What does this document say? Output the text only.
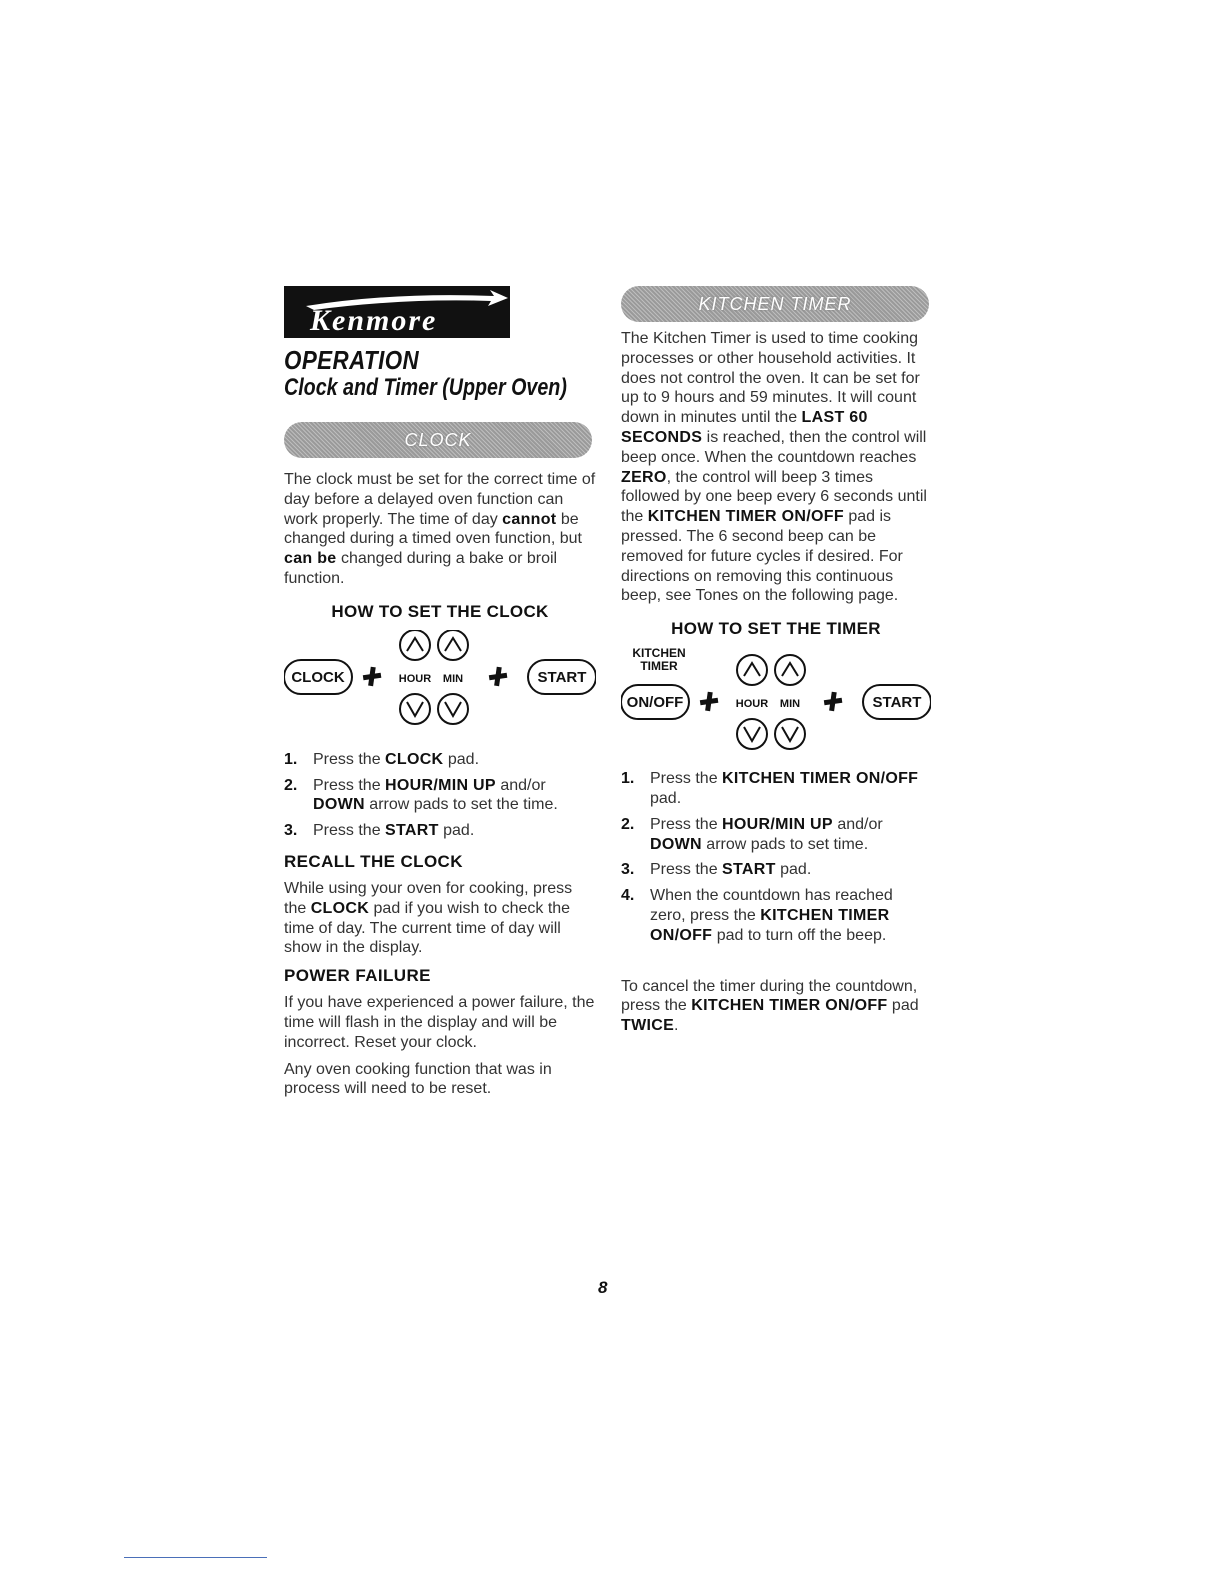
Kenmore

OPERATION

Clock and Timer (Upper Oven)

CLOCK

The clock must be set for the correct time of day before a delayed oven function can work properly. The time of day cannot be changed during a timed oven function, but can be changed during a bake or broil function.

HOW TO SET THE CLOCK

CLOCK	START
HOUR MIN
1. Press the CLOCK pad.
2. Press the HOUR/MIN UP and/or DOWN arrow pads to set the time.
3. Press the START pad.

RECALL THE CLOCK

While using your oven for cooking, press the CLOCK pad if you wish to check the time of day. The current time of day will show in the display.

POWER FAILURE

If you have experienced a power failure, the time will flash in the display and will be incorrect. Reset your clock.

Any oven cooking function that was in process will need to be reset.

KITCHEN TIMER

The Kitchen Timer is used to time cooking processes or other household activities. It does not control the oven. It can be set for up to 9 hours and 59 minutes. It will count down in minutes until the LAST 60 SECONDS is reached, then the control will beep once. When the countdown reaches ZERO, the control will beep 3 times followed by one beep every 6 seconds until the KITCHEN TIMER ON/OFF pad is pressed. The 6 second beep can be removed for future cycles if desired. For directions on removing this continuous beep, see Tones on the following page.

HOW TO SET THE TIMER

KITCHEN
TIMER
ON/OFF	START
HOUR MIN
1. Press the KITCHEN TIMER ON/OFF pad.
2. Press the HOUR/MIN UP and/or DOWN arrow pads to set time.
3. Press the START pad.
4. When the countdown has reached zero, press the KITCHEN TIMER ON/OFF pad to turn off the beep.

To cancel the timer during the countdown, press the KITCHEN TIMER ON/OFF pad TWICE.

8
